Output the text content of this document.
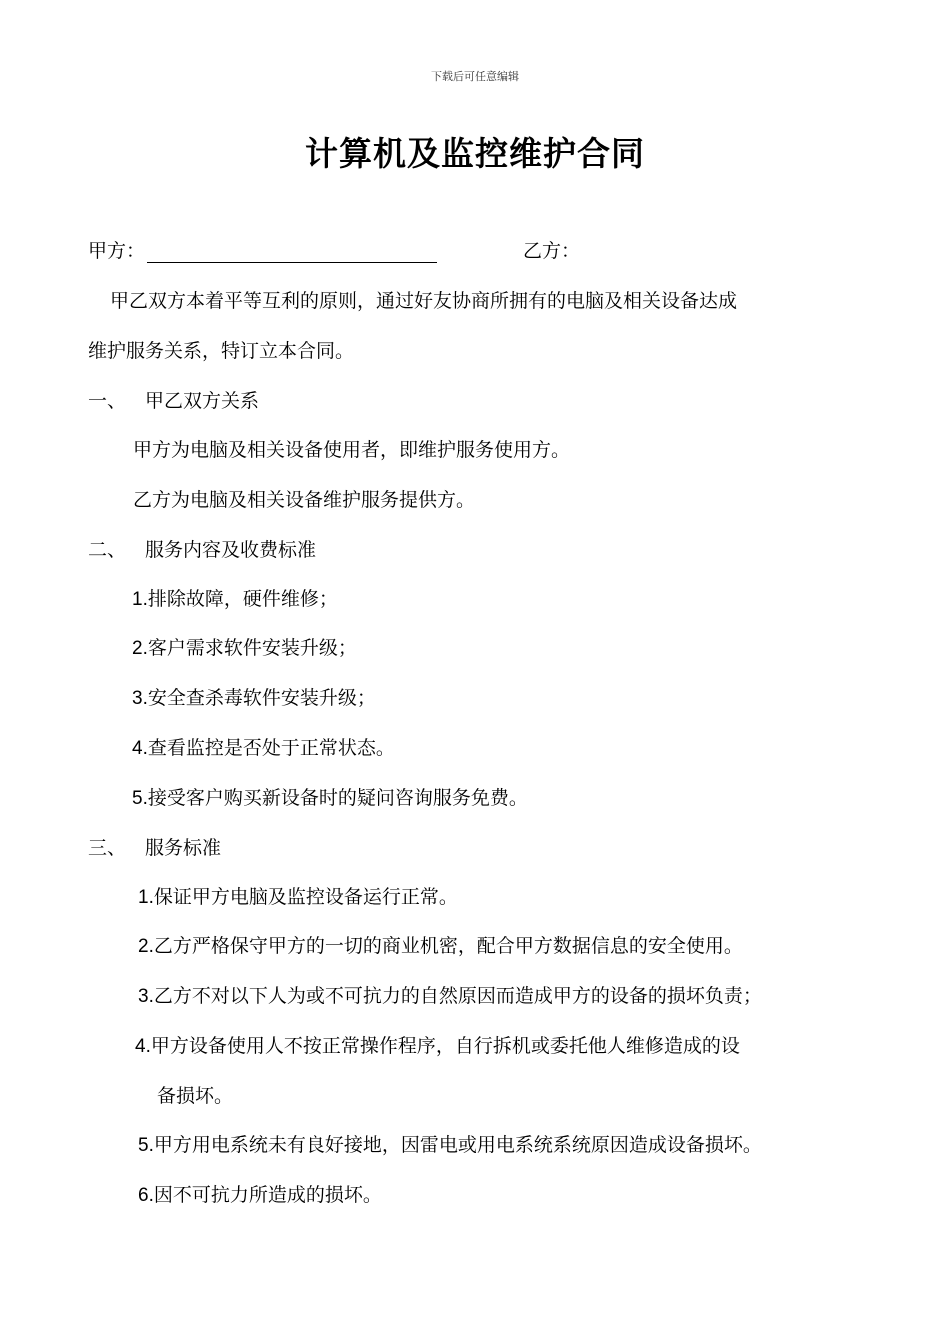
下载后可任意编辑
计算机及监控维护合同
甲方：	乙方：
甲乙双方本着平等互利的原则，通过好友协商所拥有的电脑及相关设备达成
维护服务关系，特订立本合同。
一、 甲乙双方关系
甲方为电脑及相关设备使用者，即维护服务使用方。
乙方为电脑及相关设备维护服务提供方。
二、 服务内容及收费标准
1.排除故障，硬件维修；
2.客户需求软件安装升级；
3.安全查杀毒软件安装升级；
4.查看监控是否处于正常状态。
5.接受客户购买新设备时的疑问咨询服务免费。
三、 服务标准
1.保证甲方电脑及监控设备运行正常。
2.乙方严格保守甲方的一切的商业机密，配合甲方数据信息的安全使用。
3.乙方不对以下人为或不可抗力的自然原因而造成甲方的设备的损坏负责；
4.甲方设备使用人不按正常操作程序，自行拆机或委托他人维修造成的设
备损坏。
5.甲方用电系统未有良好接地，因雷电或用电系统系统原因造成设备损坏。
6.因不可抗力所造成的损坏。
